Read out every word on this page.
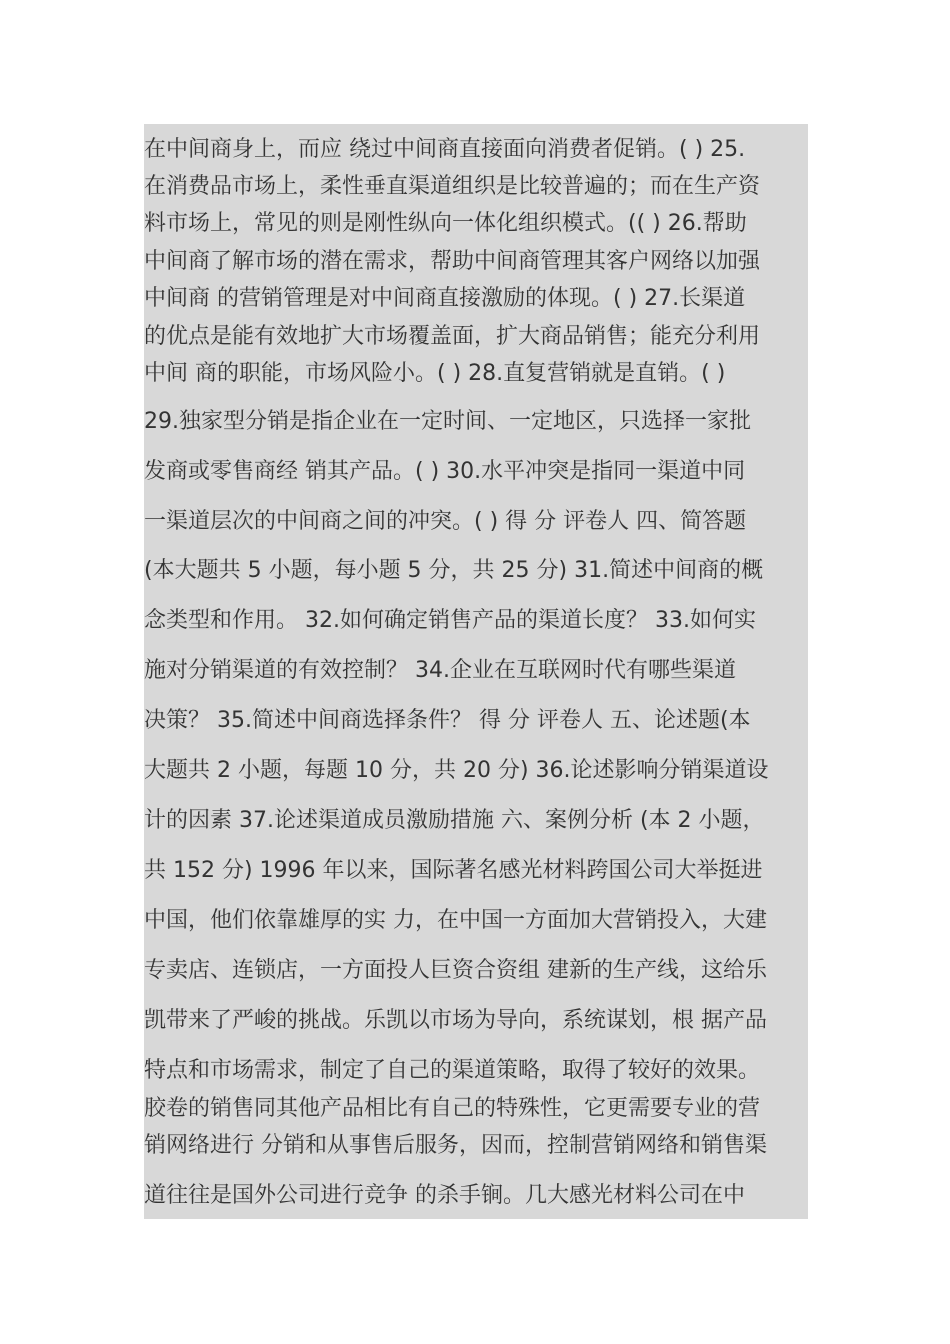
在中间商身上，而应 绕过中间商直接面向消费者促销。( ) 25.
在消费品市场上，柔性垂直渠道组织是比较普遍的；而在生产资
料市场上，常见的则是刚性纵向一体化组织模式。(( ) 26.帮助
中间商了解市场的潜在需求，帮助中间商管理其客户网络以加强
中间商 的营销管理是对中间商直接激励的体现。( ) 27.长渠道
的优点是能有效地扩大市场覆盖面，扩大商品销售；能充分利用
中间 商的职能，市场风险小。( ) 28.直复营销就是直销。( )
29.独家型分销是指企业在一定时间、一定地区，只选择一家批
发商或零售商经 销其产品。( ) 30.水平冲突是指同一渠道中同
一渠道层次的中间商之间的冲突。( ) 得 分 评卷人 四、简答题
(本大题共 5 小题，每小题 5 分，共 25 分) 31.简述中间商的概
念类型和作用。 32.如何确定销售产品的渠道长度？ 33.如何实
施对分销渠道的有效控制？ 34.企业在互联网时代有哪些渠道
决策？ 35.简述中间商选择条件？ 得 分 评卷人 五、论述题(本
大题共 2 小题，每题 10 分，共 20 分) 36.论述影响分销渠道设
计的因素 37.论述渠道成员激励措施 六、案例分析 (本 2 小题，
共 152 分) 1996 年以来，国际著名感光材料跨国公司大举挺进
中国，他们依靠雄厚的实 力，在中国一方面加大营销投入，大建
专卖店、连锁店，一方面投人巨资合资组 建新的生产线，这给乐
凯带来了严峻的挑战。乐凯以市场为导向，系统谋划，根 据产品
特点和市场需求，制定了自己的渠道策略，取得了较好的效果。
胶卷的销售同其他产品相比有自己的特殊性，它更需要专业的营
销网络进行 分销和从事售后服务，因而，控制营销网络和销售渠
道往往是国外公司进行竞争 的杀手锏。几大感光材料公司在中
